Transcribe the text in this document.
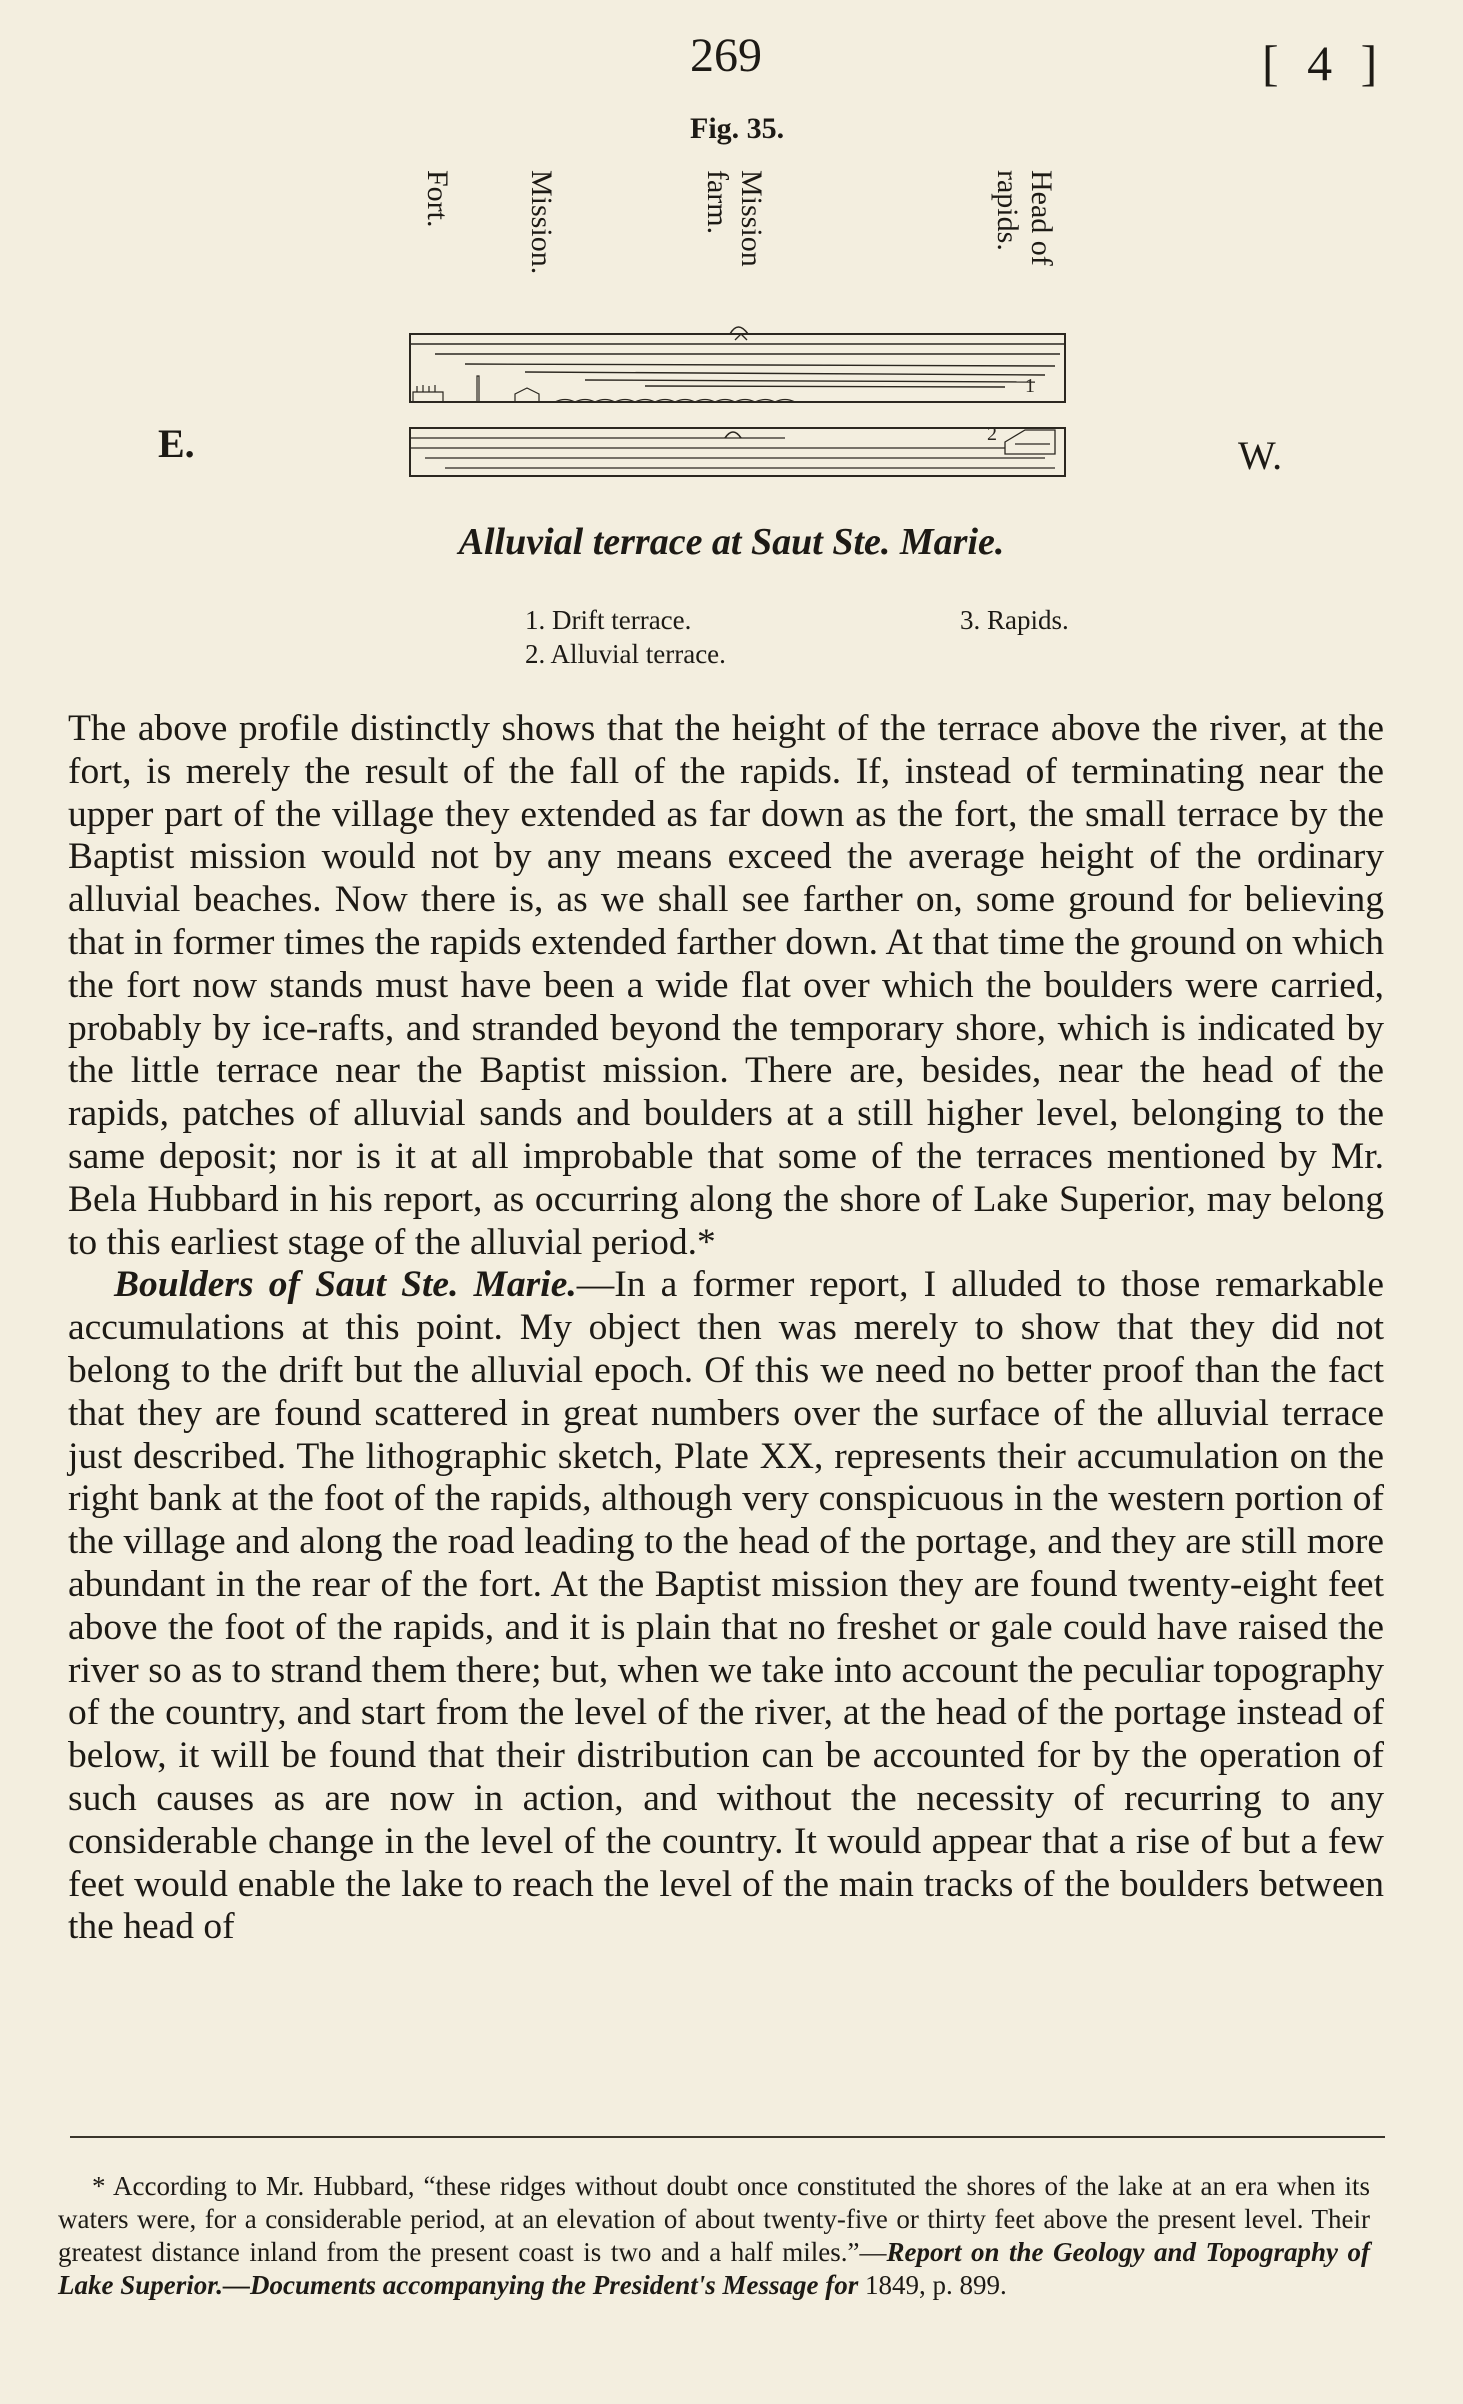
269	[ 4 ]
Fig. 35.
Fort. Mission.	Mission
farm.	Head of
rapids.
E.	W.
1
2
Alluvial terrace at Saut Ste. Marie.
1. Drift terrace.
2. Alluvial terrace.
3. Rapids.

The above profile distinctly shows that the height of the terrace above the river, at the fort, is merely the result of the fall of the rapids. If, instead of terminating near the upper part of the village they extended as far down as the fort, the small terrace by the Baptist mission would not by any means exceed the average height of the ordinary alluvial beaches. Now there is, as we shall see farther on, some ground for believing that in former times the rapids extended farther down. At that time the ground on which the fort now stands must have been a wide flat over which the boulders were carried, probably by ice-rafts, and stranded beyond the temporary shore, which is indicated by the little terrace near the Baptist mission. There are, besides, near the head of the rapids, patches of alluvial sands and boulders at a still higher level, belonging to the same deposit; nor is it at all improbable that some of the terraces mentioned by Mr. Bela Hubbard in his report, as occurring along the shore of Lake Superior, may belong to this earliest stage of the alluvial period.*

Boulders of Saut Ste. Marie.—In a former report, I alluded to those remarkable accumulations at this point. My object then was merely to show that they did not belong to the drift but the alluvial epoch. Of this we need no better proof than the fact that they are found scattered in great numbers over the surface of the alluvial terrace just described. The lithographic sketch, Plate XX, represents their accumulation on the right bank at the foot of the rapids, although very conspicuous in the western portion of the village and along the road leading to the head of the portage, and they are still more abundant in the rear of the fort. At the Baptist mission they are found twenty-eight feet above the foot of the rapids, and it is plain that no freshet or gale could have raised the river so as to strand them there; but, when we take into account the peculiar topography of the country, and start from the level of the river, at the head of the portage instead of below, it will be found that their distribution can be accounted for by the operation of such causes as are now in action, and without the necessity of recurring to any considerable change in the level of the country. It would appear that a rise of but a few feet would enable the lake to reach the level of the main tracks of the boulders between the head of

* According to Mr. Hubbard, “these ridges without doubt once constituted the shores of the lake at an era when its waters were, for a considerable period, at an elevation of about twenty-five or thirty feet above the present level. Their greatest distance inland from the present coast is two and a half miles.”—Report on the Geology and Topography of Lake Superior.—Documents accompanying the President's Message for 1849, p. 899.
